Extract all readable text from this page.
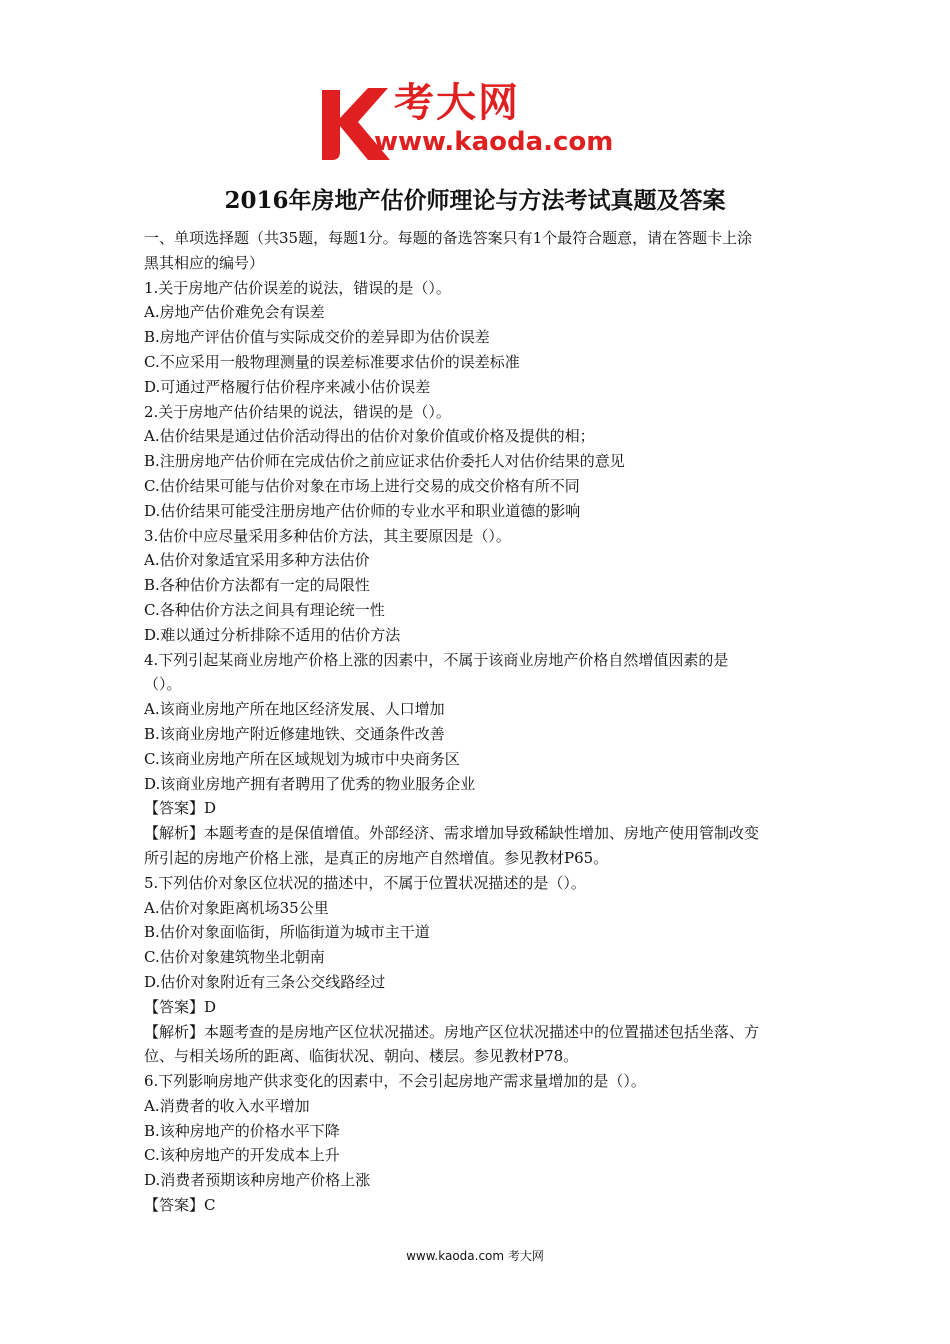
考大网
www.kaoda.com
2016年房地产估价师理论与方法考试真题及答案
一、单项选择题（共35题，每题1分。每题的备选答案只有1个最符合题意，请在答题卡上涂
黑其相应的编号）
1.关于房地产估价误差的说法，错误的是（）。
A.房地产估价难免会有误差
B.房地产评估价值与实际成交价的差异即为估价误差
C.不应采用一般物理测量的误差标准要求估价的误差标准
D.可通过严格履行估价程序来减小估价误差
2.关于房地产估价结果的说法，错误的是（）。
A.估价结果是通过估价活动得出的估价对象价值或价格及提供的相；
B.注册房地产估价师在完成估价之前应证求估价委托人对估价结果的意见
C.估价结果可能与估价对象在市场上进行交易的成交价格有所不同
D.估价结果可能受注册房地产估价师的专业水平和职业道德的影响
3.估价中应尽量采用多种估价方法，其主要原因是（）。
A.估价对象适宜采用多种方法估价
B.各种估价方法都有一定的局限性
C.各种估价方法之间具有理论统一性
D.难以通过分析排除不适用的估价方法
4.下列引起某商业房地产价格上涨的因素中，不属于该商业房地产价格自然增值因素的是
（）。
A.该商业房地产所在地区经济发展、人口增加
B.该商业房地产附近修建地铁、交通条件改善
C.该商业房地产所在区域规划为城市中央商务区
D.该商业房地产拥有者聘用了优秀的物业服务企业
【答案】D
【解析】本题考查的是保值增值。外部经济、需求增加导致稀缺性增加、房地产使用管制改变
所引起的房地产价格上涨，是真正的房地产自然增值。参见教材P65。
5.下列估价对象区位状况的描述中，不属于位置状况描述的是（）。
A.估价对象距离机场35公里
B.估价对象面临街，所临街道为城市主干道
C.估价对象建筑物坐北朝南
D.估价对象附近有三条公交线路经过
【答案】D
【解析】本题考查的是房地产区位状况描述。房地产区位状况描述中的位置描述包括坐落、方
位、与相关场所的距离、临街状况、朝向、楼层。参见教材P78。
6.下列影响房地产供求变化的因素中，不会引起房地产需求量增加的是（）。
A.消费者的收入水平增加
B.该种房地产的价格水平下降
C.该种房地产的开发成本上升
D.消费者预期该种房地产价格上涨
【答案】C
www.kaoda.com 考大网
